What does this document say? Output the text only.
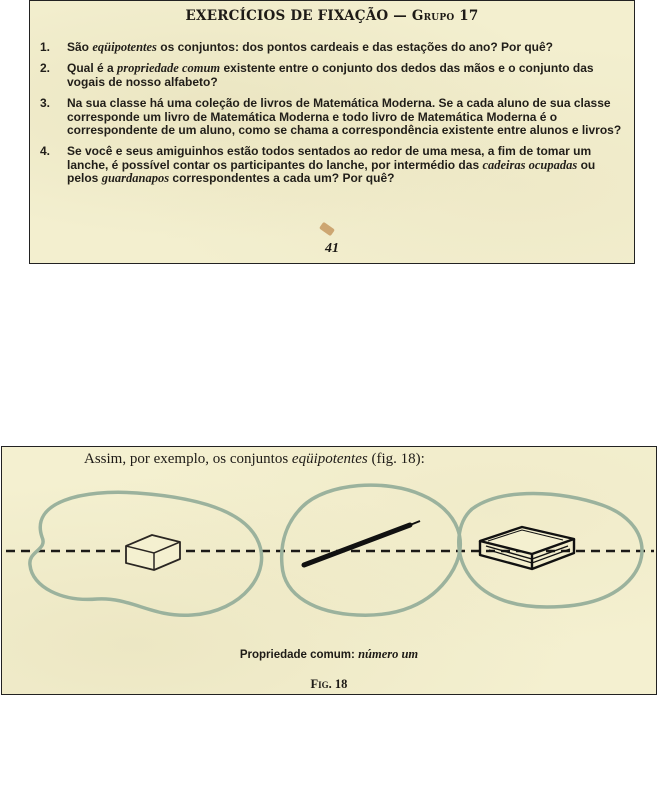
EXERCÍCIOS DE FIXAÇÃO — Grupo 17
1. São eqüipotentes os conjuntos: dos pontos cardeais e das estações do ano? Por quê?
2. Qual é a propriedade comum existente entre o conjunto dos dedos das mãos e o conjunto das vogais de nosso alfabeto?
3. Na sua classe há uma coleção de livros de Matemática Moderna. Se a cada aluno de sua classe corresponde um livro de Matemática Moderna e todo livro de Matemática Moderna é o correspondente de um aluno, como se chama a correspondência existente entre alunos e livros?
4. Se você e seus amiguinhos estão todos sentados ao redor de uma mesa, a fim de tomar um lanche, é possível contar os participantes do lanche, por intermédio das cadeiras ocupadas ou pelos guardanapos correspondentes a cada um? Por quê?
41
Assim, por exemplo, os conjuntos eqüipotentes (fig. 18):
Propriedade comum: número um
Fig. 18
